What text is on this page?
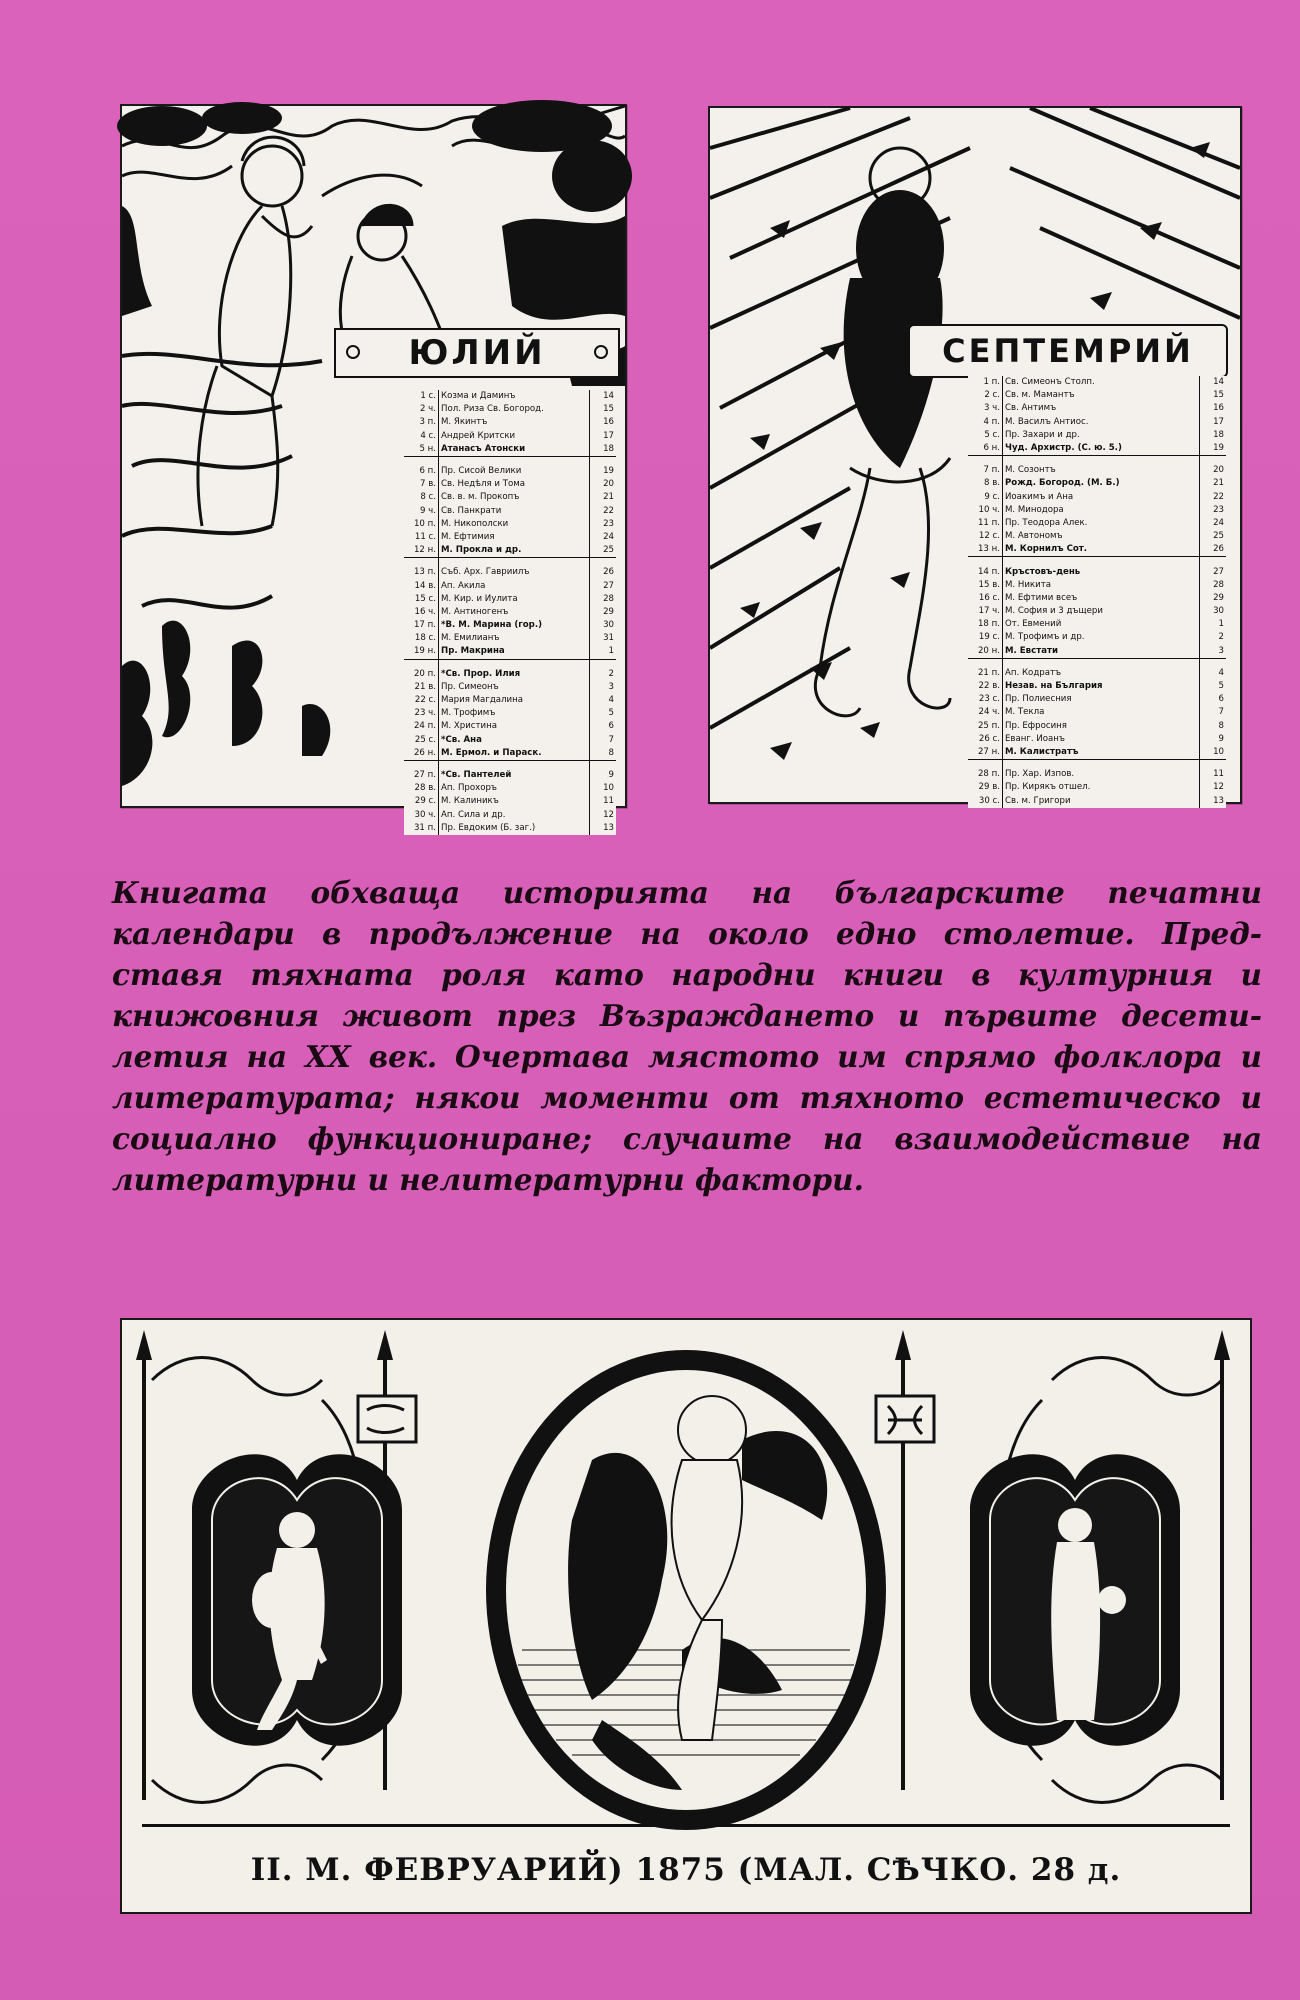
ЮЛИЙ
1 с.	Козма и Даминъ	14
2 ч.	Пол. Риза Св. Богород.	15
3 п.	М. Якинтъ	16
4 с.	Андрей Критски	17
5 н.	Атанасъ Атонски	18

6 п.	Пр. Сисой Велики	19
7 в.	Св. Недѣля и Тома	20
8 с.	Св. в. м. Прокопъ	21
9 ч.	Св. Панкрати	22
10 п.	М. Никополски	23
11 с.	М. Ефтимия	24
12 н.	М. Прокла и др.	25

13 п.	Съб. Арх. Гавриилъ	26
14 в.	Ап. Акила	27
15 с.	М. Кир. и Иулита	28
16 ч.	М. Антиногенъ	29
17 п.	*В. М. Марина (гор.)	30
18 с.	М. Емилианъ	31
19 н.	Пр. Макрина	1

20 п.	*Св. Прор. Илия	2
21 в.	Пр. Симеонъ	3
22 с.	Мария Магдалина	4
23 ч.	М. Трофимъ	5
24 п.	М. Христина	6
25 с.	*Св. Ана	7
26 н.	М. Ермол. и Параск.	8

27 п.	*Св. Пантелей	9
28 в.	Ап. Прохоръ	10
29 с.	М. Калиникъ	11
30 ч.	Ап. Сила и др.	12
31 п.	Пр. Евдоким (Б. заг.)	13
СЕПТЕМРИЙ
1 п.	Св. Симеонъ Столп.	14
2 с.	Св. м. Мамантъ	15
3 ч.	Св. Антимъ	16
4 п.	М. Василъ Антиос.	17
5 с.	Пр. Захари и др.	18
6 н.	Чуд. Архистр. (С. ю. 5.)	19

7 п.	М. Созонтъ	20
8 в.	Рожд. Богород. (М. Б.)	21
9 с.	Иоакимъ и Ана	22
10 ч.	М. Минодора	23
11 п.	Пр. Теодора Алек.	24
12 с.	М. Автономъ	25
13 н.	М. Корнилъ Сот.	26

14 п.	Кръстовъ-день	27
15 в.	М. Никита	28
16 с.	М. Ефтими всеъ	29
17 ч.	М. София и 3 дъщери	30
18 п.	От. Евмений	1
19 с.	М. Трофимъ и др.	2
20 н.	М. Евстати	3

21 п.	Ап. Кодратъ	4
22 в.	Незав. на България	5
23 с.	Пр. Полиесния	6
24 ч.	М. Текла	7
25 п.	Пр. Ефросиня	8
26 с.	Еванг. Иоанъ	9
27 н.	М. Калистратъ	10

28 п.	Пр. Хар. Изпов.	11
29 в.	Пр. Кирякъ отшел.	12
30 с.	Св. м. Григори	13
Книгата обхваща историята на българските печатни
календари в продължение на около едно столетие. Пред-
ставя тяхната роля като народни книги в културния и
книжовния живот през Възраждането и първите десети-
летия на XX век. Очертава мястото им спрямо фолклора и
литературата; някои моменти от тяхното естетическо и
социално функциониране; случаите на взаимодействие на
литературни и нелитературни фактори.
II. М. ФЕВРУАРИЙ) 1875 (МАЛ. СѢЧКО. 28 д.
